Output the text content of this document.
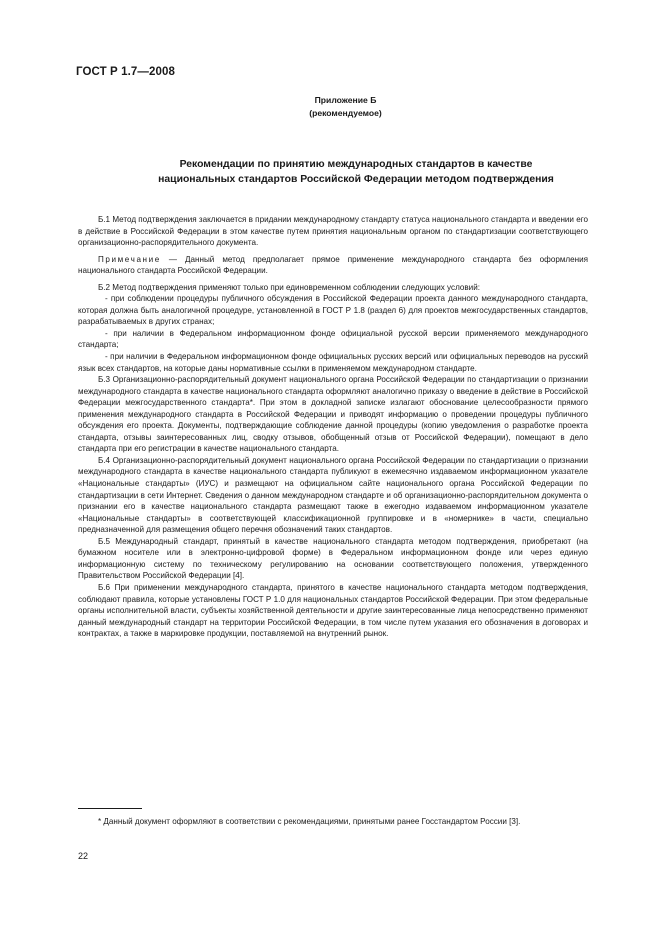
ГОСТ Р 1.7—2008
Приложение Б
(рекомендуемое)
Рекомендации по принятию международных стандартов в качестве
национальных стандартов Российской Федерации методом подтверждения

Б.1 Метод подтверждения заключается в придании международному стандарту статуса национального стандарта и введении его в действие в Российской Федерации в этом качестве путем принятия национальным органом по стандартизации соответствующего организационно-распорядительного документа.

Примечание — Данный метод предполагает прямое применение международного стандарта без оформления национального стандарта Российской Федерации.

Б.2 Метод подтверждения применяют только при единовременном соблюдении следующих условий:

- при соблюдении процедуры публичного обсуждения в Российской Федерации проекта данного международного стандарта, которая должна быть аналогичной процедуре, установленной в ГОСТ Р 1.8 (раздел 6) для проектов межгосударственных стандартов, разрабатываемых в других странах;

- при наличии в Федеральном информационном фонде официальной русской версии применяемого международного стандарта;

- при наличии в Федеральном информационном фонде официальных русских версий или официальных переводов на русский язык всех стандартов, на которые даны нормативные ссылки в применяемом международном стандарте.

Б.3 Организационно-распорядительный документ национального органа Российской Федерации по стандартизации о признании международного стандарта в качестве национального стандарта оформляют аналогично приказу о введение в действие в Российской Федерации межгосударственного стандарта*. При этом в докладной записке излагают обоснование целесообразности прямого применения международного стандарта в Российской Федерации и приводят информацию о проведении процедуры публичного обсуждения его проекта. Документы, подтверждающие соблюдение данной процедуры (копию уведомления о разработке проекта стандарта, отзывы заинтересованных лиц, сводку отзывов, обобщенный отзыв от Российской Федерации), помещают в дело стандарта при его регистрации в качестве национального стандарта.

Б.4 Организационно-распорядительный документ национального органа Российской Федерации по стандартизации о признании международного стандарта в качестве национального стандарта публикуют в ежемесячно издаваемом информационном указателе «Национальные стандарты» (ИУС) и размещают на официальном сайте национального органа Российской Федерации по стандартизации в сети Интернет. Сведения о данном международном стандарте и об организационно-распорядительном документа о признании его в качестве национального стандарта размещают также в ежегодно издаваемом информационном указателе «Национальные стандарты» в соответствующей классификационной группировке и в «номернике» в части, специально предназначенной для размещения общего перечня обозначений таких стандартов.

Б.5 Международный стандарт, принятый в качестве национального стандарта методом подтверждения, приобретают (на бумажном носителе или в электронно-цифровой форме) в Федеральном информационном фонде или через единую информационную систему по техническому регулированию на основании соответствующего положения, утвержденного Правительством Российской Федерации [4].

Б.6 При применении международного стандарта, принятого в качестве национального стандарта методом подтверждения, соблюдают правила, которые установлены ГОСТ Р 1.0 для национальных стандартов Российской Федерации. При этом федеральные органы исполнительной власти, субъекты хозяйственной деятельности и другие заинтересованные лица непосредственно применяют данный международный стандарт на территории Российской Федерации, в том числе путем указания его обозначения в договорах и контрактах, а также в маркировке продукции, поставляемой на внутренний рынок.

* Данный документ оформляют в соответствии с рекомендациями, принятыми ранее Госстандартом России [3].
22
